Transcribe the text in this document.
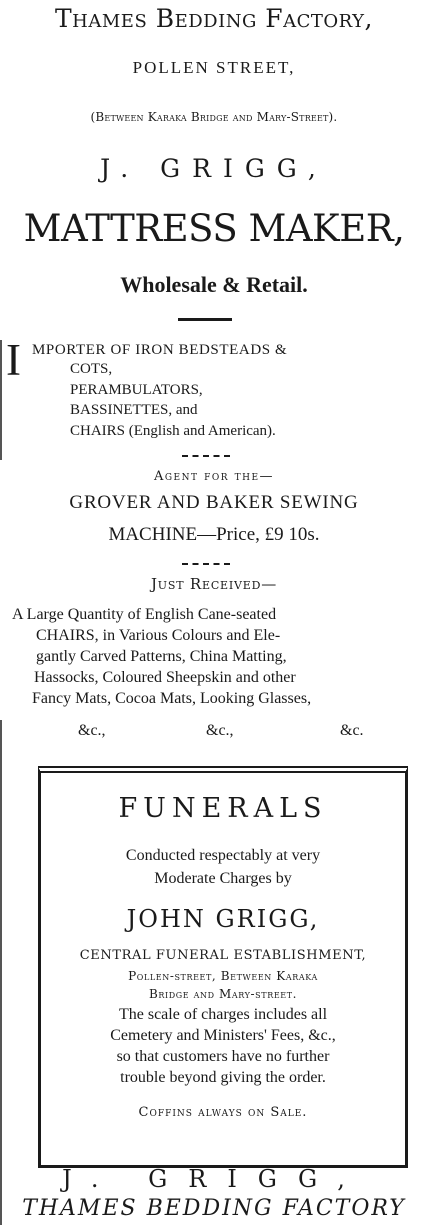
Thames Bedding Factory,
POLLEN STREET,
(Between Karaka Bridge and Mary-Street).
J. GRIGG,
MATTRESS MAKER,
Wholesale & Retail.
I MPORTER OF IRON BEDSTEADS &
COTS,
PERAMBULATORS,
BASSINETTES, and
CHAIRS (English and American).
Agent for the—
GROVER AND BAKER SEWING
MACHINE—Price, £9 10s.
Just Received—
A Large Quantity of English Cane-seated
CHAIRS, in Various Colours and Ele-
gantly Carved Patterns, China Matting,
Hassocks, Coloured Sheepskin and other
Fancy Mats, Cocoa Mats, Looking Glasses,
&c.,	&c.,	&c.
FUNERALS
Conducted respectably at very
Moderate Charges by
JOHN GRIGG,
CENTRAL FUNERAL ESTABLISHMENT,
Pollen-street, Between Karaka
Bridge and Mary-street.
The scale of charges includes all
Cemetery and Ministers' Fees, &c.,
so that customers have no further
trouble beyond giving the order.
Coffins always on Sale.
J. GRIGG,
THAMES BEDDING FACTORY
